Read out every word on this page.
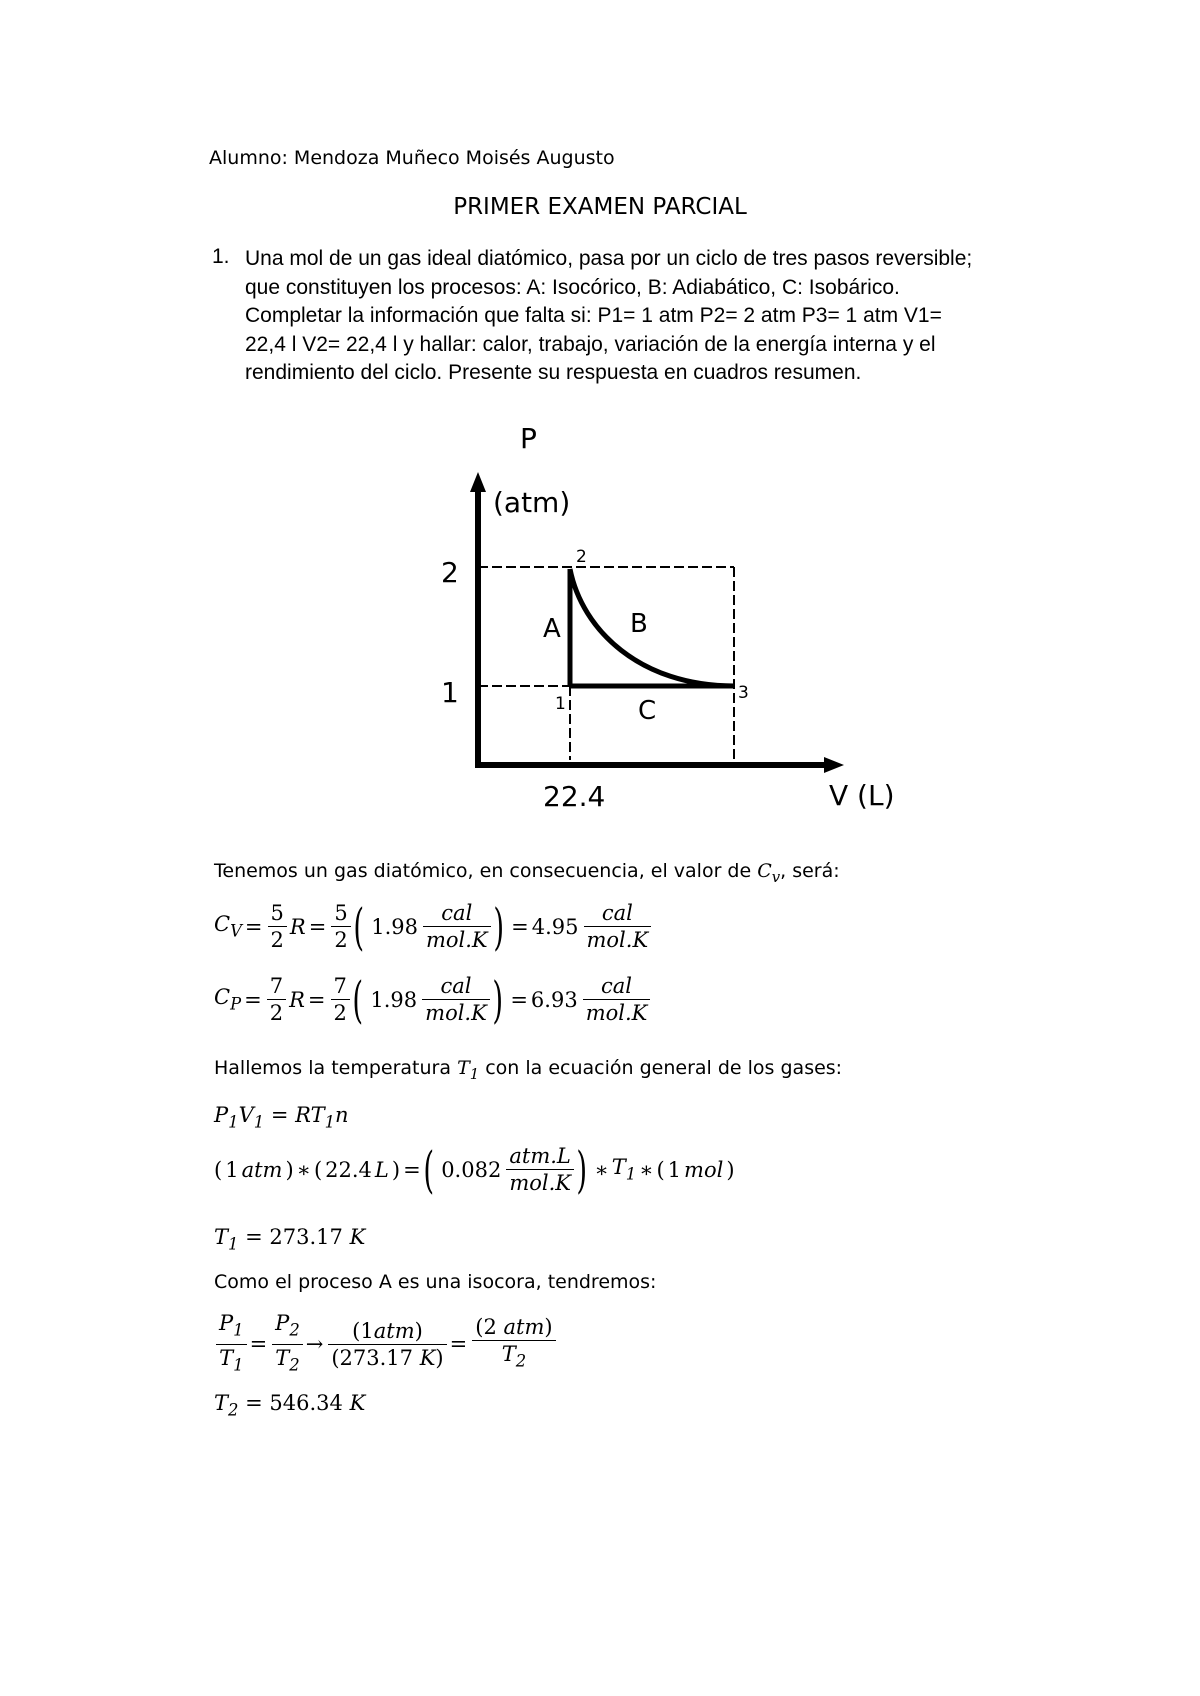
Alumno: Mendoza Muñeco Moisés Augusto
PRIMER EXAMEN PARCIAL
1. Una mol de un gas ideal diatómico, pasa por un ciclo de tres pasos reversible;
que constituyen los procesos: A: Isocórico, B: Adiabático, C: Isobárico.
Completar la información que falta si: P1= 1 atm P2= 2 atm P3= 1 atm V1=
22,4 l V2= 22,4 l y hallar: calor, trabajo, variación de la energía interna y el
rendimiento del ciclo. Presente su respuesta en cuadros resumen.
P
(atm)
V (L)
2
1
22.4
2
1
3
A	B
C
Tenemos un gas diatómico, en consecuencia, el valor de $C_v$, será:
$C_V = \frac{5}{2}$ $R = \frac{5}{2}$ ( $1.98 \frac{\text{cal}}{\text{mol.K}}$ ) = $4.95 \frac{\text{cal}}{\text{mol.K}}$
$C_P = \frac{7}{2}$ $R = \frac{7}{2}$ ( $1.98 \frac{\text{cal}}{\text{mol.K}}$ ) = $6.93 \frac{\text{cal}}{\text{mol.K}}$
Hallemos la temperatura $T_1$ con la ecuación general de los gases:
$P_1V_1 = RT_1n$
( 1 atm ) ∗ ( 22.4 L ) = ( $0.082 \frac{\text{atm.L}}{\text{mol.K}}$ ) ∗ $T_1$ ∗ ( 1 mol )
$T_1 = 273.17$ K
Como el proceso A es una isocora, tendremos:
$\frac{P_1}{T_1} = \frac{P_2}{T_2} \to \frac{\text{(1atm)}}{(273.17 K)} = \frac{\text{(2 atm)}}{T_2}$
$T_2 = 546.34$ K
